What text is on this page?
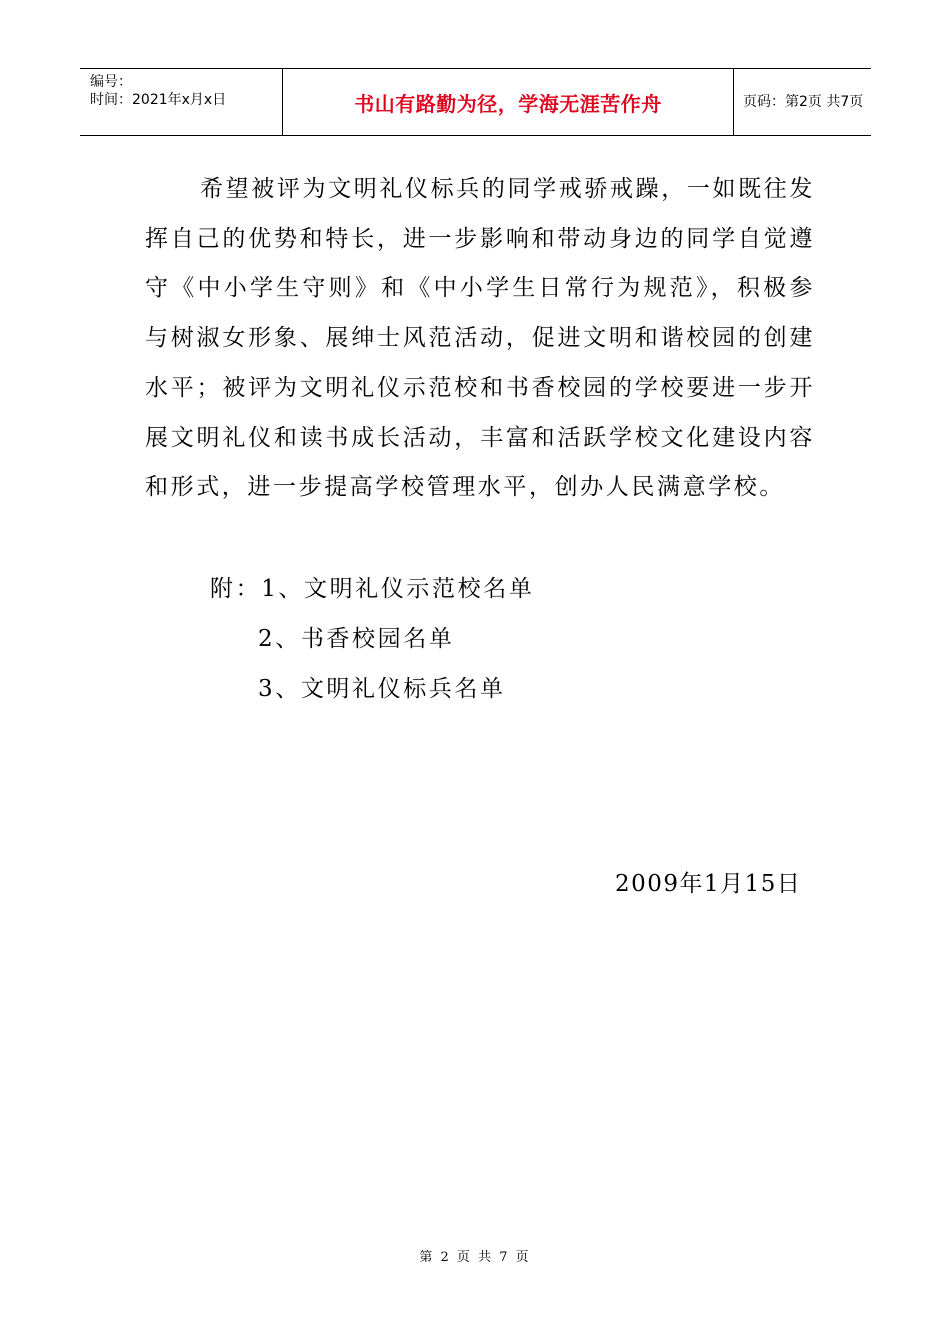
编号：
时间：2021年x月x日	书山有路勤为径，学海无涯苦作舟	页码：第2页 共7页
希望被评为文明礼仪标兵的同学戒骄戒躁，一如既往发挥自己的优势和特长，进一步影响和带动身边的同学自觉遵守《中小学生守则》和《中小学生日常行为规范》，积极参与树淑女形象、展绅士风范活动，促进文明和谐校园的创建水平；被评为文明礼仪示范校和书香校园的学校要进一步开展文明礼仪和读书成长活动，丰富和活跃学校文化建设内容和形式，进一步提高学校管理水平，创办人民满意学校。
附：1、文明礼仪示范校名单
2、书香校园名单
3、文明礼仪标兵名单
2009年1月15日
第 2 页 共 7 页
